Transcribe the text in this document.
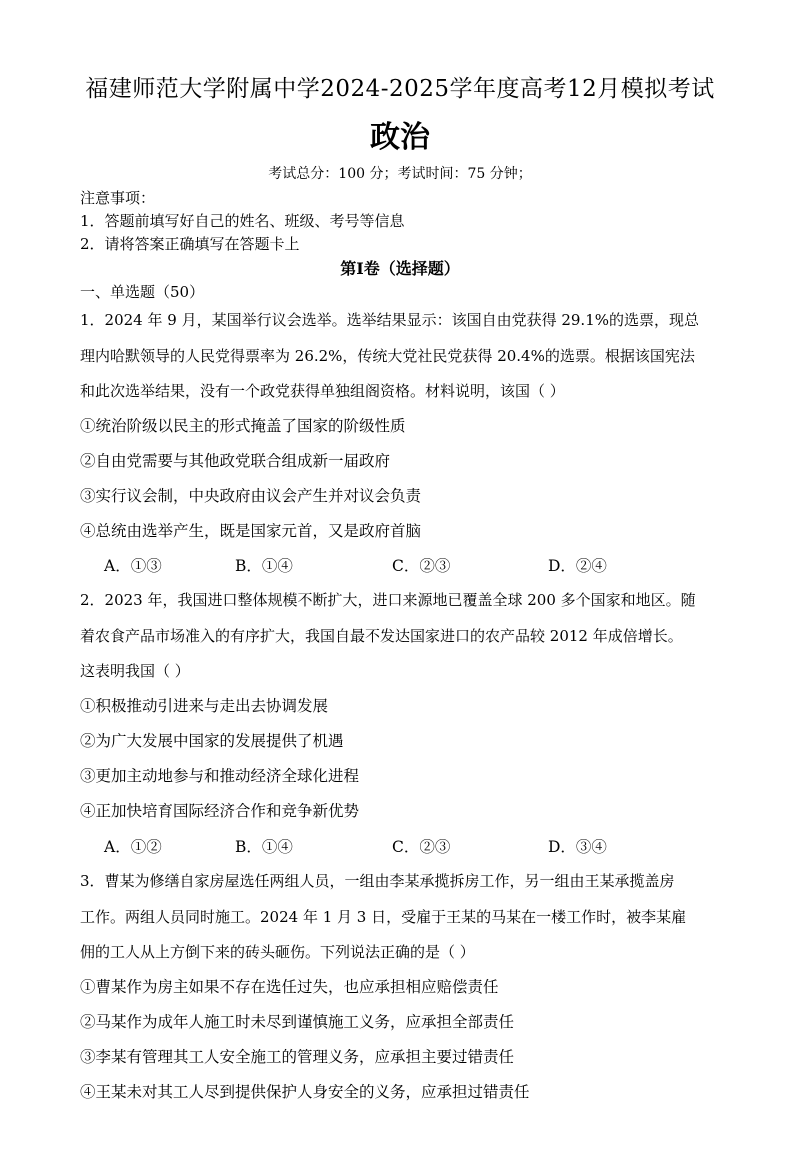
福建师范大学附属中学2024-2025学年度高考12月模拟考试
政治
考试总分：100 分；考试时间：75 分钟；
注意事项：
1．答题前填写好自己的姓名、班级、考号等信息
2．请将答案正确填写在答题卡上
第Ⅰ卷（选择题）
一、单选题（50）
1．2024 年 9 月，某国举行议会选举。选举结果显示：该国自由党获得 29.1%的选票，现总
理内哈默领导的人民党得票率为 26.2%，传统大党社民党获得 20.4%的选票。根据该国宪法
和此次选举结果，没有一个政党获得单独组阁资格。材料说明，该国（ ）
①统治阶级以民主的形式掩盖了国家的阶级性质
②自由党需要与其他政党联合组成新一届政府
③实行议会制，中央政府由议会产生并对议会负责
④总统由选举产生，既是国家元首，又是政府首脑
A．①③	B．①④	C．②③	D．②④
2．2023 年，我国进口整体规模不断扩大，进口来源地已覆盖全球 200 多个国家和地区。随
着农食产品市场准入的有序扩大，我国自最不发达国家进口的农产品较 2012 年成倍增长。
这表明我国（ ）
①积极推动引进来与走出去协调发展
②为广大发展中国家的发展提供了机遇
③更加主动地参与和推动经济全球化进程
④正加快培育国际经济合作和竞争新优势
A．①②	B．①④	C．②③	D．③④
3．曹某为修缮自家房屋选任两组人员，一组由李某承揽拆房工作，另一组由王某承揽盖房
工作。两组人员同时施工。2024 年 1 月 3 日，受雇于王某的马某在一楼工作时，被李某雇
佣的工人从上方倒下来的砖头砸伤。下列说法正确的是（ ）
①曹某作为房主如果不存在选任过失，也应承担相应赔偿责任
②马某作为成年人施工时未尽到谨慎施工义务，应承担全部责任
③李某有管理其工人安全施工的管理义务，应承担主要过错责任
④王某未对其工人尽到提供保护人身安全的义务，应承担过错责任
